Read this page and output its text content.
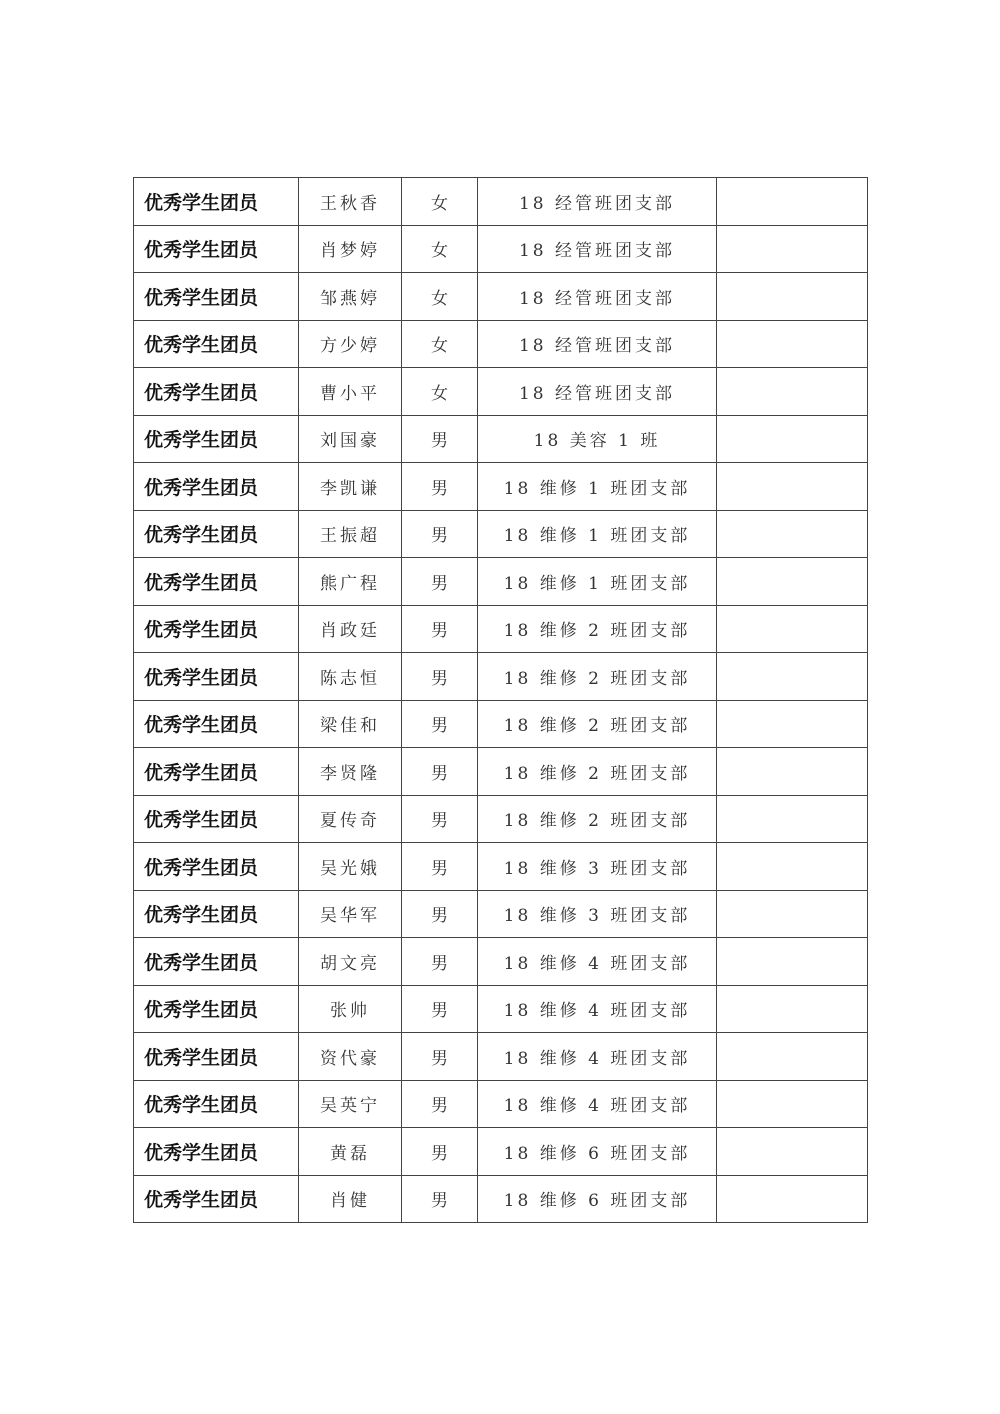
优秀学生团员	王秋香	女	18 经管班团支部	
优秀学生团员	肖梦婷	女	18 经管班团支部	
优秀学生团员	邹燕婷	女	18 经管班团支部	
优秀学生团员	方少婷	女	18 经管班团支部	
优秀学生团员	曹小平	女	18 经管班团支部	
优秀学生团员	刘国豪	男	18 美容 1 班	
优秀学生团员	李凯谦	男	18 维修 1 班团支部	
优秀学生团员	王振超	男	18 维修 1 班团支部	
优秀学生团员	熊广程	男	18 维修 1 班团支部	
优秀学生团员	肖政廷	男	18 维修 2 班团支部	
优秀学生团员	陈志恒	男	18 维修 2 班团支部	
优秀学生团员	梁佳和	男	18 维修 2 班团支部	
优秀学生团员	李贤隆	男	18 维修 2 班团支部	
优秀学生团员	夏传奇	男	18 维修 2 班团支部	
优秀学生团员	吴光娥	男	18 维修 3 班团支部	
优秀学生团员	吴华军	男	18 维修 3 班团支部	
优秀学生团员	胡文亮	男	18 维修 4 班团支部	
优秀学生团员	张帅	男	18 维修 4 班团支部	
优秀学生团员	资代豪	男	18 维修 4 班团支部	
优秀学生团员	吴英宁	男	18 维修 4 班团支部	
优秀学生团员	黄磊	男	18 维修 6 班团支部	
优秀学生团员	肖健	男	18 维修 6 班团支部	
